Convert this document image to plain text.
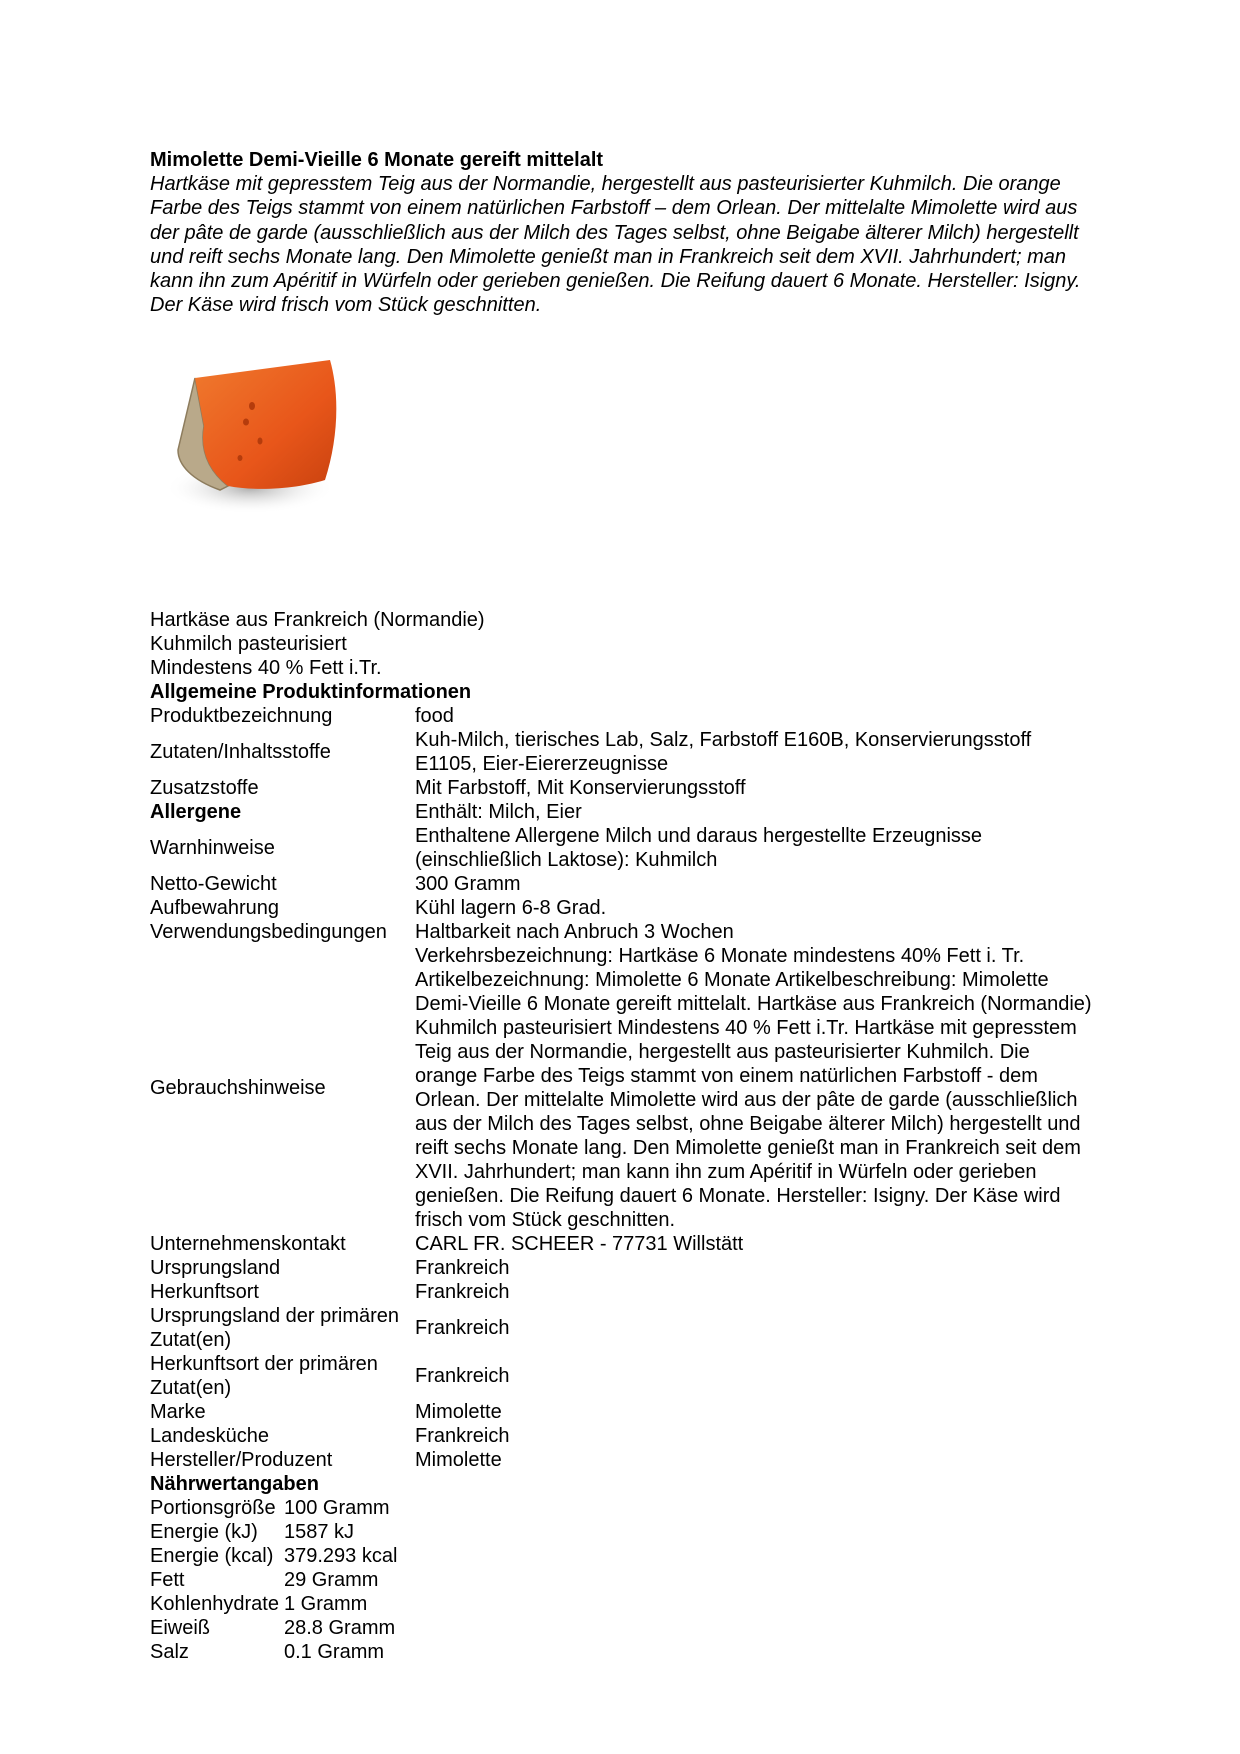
Mimolette Demi-Vieille 6 Monate gereift mittelalt
Hartkäse mit gepresstem Teig aus der Normandie, hergestellt aus pasteurisierter Kuhmilch. Die orange Farbe des Teigs stammt von einem natürlichen Farbstoff – dem Orlean. Der mittelalte Mimolette wird aus der pâte de garde (ausschließlich aus der Milch des Tages selbst, ohne Beigabe älterer Milch) hergestellt und reift sechs Monate lang. Den Mimolette genießt man in Frankreich seit dem XVII. Jahrhundert; man kann ihn zum Apéritif in Würfeln oder gerieben genießen. Die Reifung dauert 6 Monate. Hersteller: Isigny. Der Käse wird frisch vom Stück geschnitten.
Hartkäse aus Frankreich (Normandie)
Kuhmilch pasteurisiert
Mindestens 40 % Fett i.Tr.
Allgemeine Produktinformationen
Produktbezeichnung	food
Zutaten/Inhaltsstoffe	Kuh-Milch, tierisches Lab, Salz, Farbstoff E160B, Konservierungsstoff E1105, Eier-Eiererzeugnisse
Zusatzstoffe	Mit Farbstoff, Mit Konservierungsstoff
Allergene	Enthält: Milch, Eier
Warnhinweise	Enthaltene Allergene Milch und daraus hergestellte Erzeugnisse (einschließlich Laktose): Kuhmilch
Netto-Gewicht	300 Gramm
Aufbewahrung	Kühl lagern 6-8 Grad.
Verwendungsbedingungen	Haltbarkeit nach Anbruch 3 Wochen
Gebrauchshinweise	Verkehrsbezeichnung: Hartkäse 6 Monate mindestens 40% Fett i. Tr. Artikelbezeichnung: Mimolette 6 Monate Artikelbeschreibung: Mimolette Demi-Vieille 6 Monate gereift mittelalt. Hartkäse aus Frankreich (Normandie) Kuhmilch pasteurisiert Mindestens 40 % Fett i.Tr. Hartkäse mit gepresstem Teig aus der Normandie, hergestellt aus pasteurisierter Kuhmilch. Die orange Farbe des Teigs stammt von einem natürlichen Farbstoff - dem Orlean. Der mittelalte Mimolette wird aus der pâte de garde (ausschließlich aus der Milch des Tages selbst, ohne Beigabe älterer Milch) hergestellt und reift sechs Monate lang. Den Mimolette genießt man in Frankreich seit dem XVII. Jahrhundert; man kann ihn zum Apéritif in Würfeln oder gerieben genießen. Die Reifung dauert 6 Monate. Hersteller: Isigny. Der Käse wird frisch vom Stück geschnitten.
Unternehmenskontakt	CARL FR. SCHEER - 77731 Willstätt
Ursprungsland	Frankreich
Herkunftsort	Frankreich
Ursprungsland der primären Zutat(en)	Frankreich
Herkunftsort der primären Zutat(en)	Frankreich
Marke	Mimolette
Landesküche	Frankreich
Hersteller/Produzent	Mimolette
Nährwertangaben
Portionsgröße	100 Gramm
Energie (kJ)	1587 kJ
Energie (kcal)	379.293 kcal
Fett	29 Gramm
Kohlenhydrate	1 Gramm
Eiweiß	28.8 Gramm
Salz	0.1 Gramm
